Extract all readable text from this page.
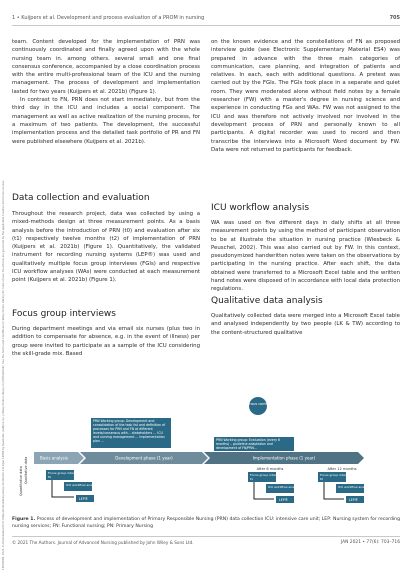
13652648, 2021, 6, Downloaded from https://onlinelibrary.wiley.com/doi/10.1111/jan.14868 by Readcube (Labtiva Inc.), Wiley Online Library on [08/04/2024]. See the Terms and Conditions on Wiley Online Library for rules of use; OA articles are governed by the applicable Creative Commons License
1 • Kuijpers et al. Development and process evaluation of a PROM in nursing	705

team. Content developed for the implementation of PRN was continuously coordinated and finally agreed upon with the whole nursing team in. among others. several small and one final consensus conference, accompanied by a close coordination process with the entire multi-professional team of the ICU and the nursing management. The process of development and implementation lasted for two years (Kuijpers et al. 2021b) (Figure 1).

In contrast to FN, PRN does not start immediately, but from the third day in the ICU and includes a social component. The management as well as active realization of the nursing process, for a maximum of two patients. The development, the successful implementation process and the detailed task portfolio of PR and FN were published elsewhere (Kuijpers et al. 2021b).

Data collection and evaluation

Throughout the research project, data was collected by using a mixed-methods design at three measurement points. As a basis analysis before the introduction of PRN (t0) and evaluation after six (t1) respectively twelve months (t2) of implementation of PRN (Kuijpers et al. 2021b) (Figure 1). Quantitatively, the validated instrument for recording nursing systems (LEP®) was used and qualitatively multiple focus group interviews (FGIs) and respective ICU workflow analyses (WAs) were conducted at each measurement point (Kuijpers et al. 2021b) (Figure 1).

Focus group interviews

During department meetings and via email six nurses (plus two in addition to compensate for absence, e.g. in the event of illness) per group were invited to participate as a sample of the ICU considering the skill-grade mix. Based

on the known evidence and the constellations of FN as proposed interview guide (see Electronic Supplementary Material ES4) was prepared in advance with the three main categories of communication, care planning, and integration of patients and relatives. In each, each with additional questions. A pretest was carried out by the FGIs. The FGIs took place in a separate and quiet room. They were moderated alone without field notes by a female researcher (FW) with a master's degree in nursing science and experience in conducting FGs and WAs. FW was not assigned to the ICU and was therefore not actively involved nor involved in the development process of PRN and personally known to all participants. A digital recorder was used to record and then transcribe the interviews into a Microsoft Word document by FW. Data were not returned to participants for feedback.

ICU workflow analysis

WA was used on five different days in daily shifts at all three measurement points by using the method of participant observation to be at illustrate the situation in nursing practice (Wiesbeck & Peuschel, 2002). This was also carried out by FW. In this context, pseudonymized handwritten notes were taken on the observations by participating in the nursing practice. After each shift, the data obtained were transferred to a Microsoft Excel table and the written hand notes were disposed of in accordance with local data protection regulations.

Qualitative data analysis

Qualitatively collected data were merged into a Microsoft Excel table and analysed independently by two people (LK & TW) according to the content-structured qualitative

Consensus conference
PRN Working group: Development and consolidation of the task list and definition of processes for PRN and FN at different levels/consensus with... stakeholders ... ICU and nursing management ... Implementation plan ...	PRN Working group: Evaluation (every 6 months) – guideline adaptation and development of FN/PRN...
Basis analysis	Development phase (1 year)	Implementation phase (1 year)
After 6 months	After 12 months
Quantitative data Qualitative data	Focus group interviews
t0
ICU workflow analysis
LEP®
Focus group interviews
t1
ICU workflow analysis
LEP®
Focus group interviews
t2
ICU workflow analysis
LEP®
Figure 1. Process of development and implementation of Primary Responsible Nursing (PRN) data collection ICU: intensive care unit; LEP: Nursing system for recording nursing services; FN: Functional nursing; PN: Primary Nursing
© 2021 The Authors. Journal of Advanced Nursing published by John Wiley & Sons Ltd.	JAN 2021 • 77(6): 703–716
